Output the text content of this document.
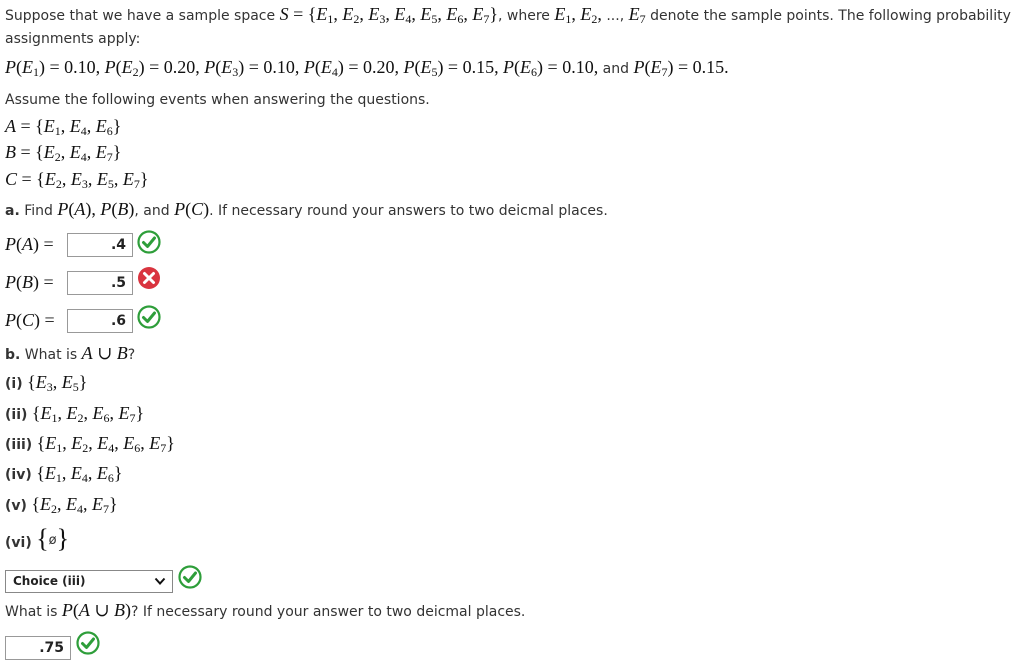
Suppose that we have a sample space $S = \{E_1$, $E_2$, $E_3$, $E_4$, $E_5$, $E_6$, $E_7$}, where $E_1$, $E_2$, ..., $E_7$ denote the sample points. The following probability
assignments apply:
$P(E_1) = 0.10$, $P(E_2) = 0.20$, $P(E_3) = 0.10$, $P(E_4) = 0.20$, $P(E_5) = 0.15$, $P(E_6) = 0.10$, and $P(E_7) = 0.15$.
Assume the following events when answering the questions.
$A = \{E_1$, $E_4$, $E_6$}
$B = \{E_2$, $E_4$, $E_7$}
$C = \{E_2$, $E_3$, $E_5$, $E_7$}
a. Find P(A), P(B), and P(C). If necessary round your answers to two deicmal places.
P(A) =	.4
P(B) =	.5
P(C) =	.6
b. What is A ∪ B?
(i) {$E_3$, $E_5$}
(ii) {$E_1$, $E_2$, $E_6$, $E_7$}
(iii) {$E_1$, $E_2$, $E_4$, $E_6$, $E_7$}
(iv) {$E_1$, $E_4$, $E_6$}
(v) {$E_2$, $E_4$, $E_7$}
(vi) {ø}
Choice (iii)
What is P(A ∪ B)? If necessary round your answer to two deicmal places.
.75
